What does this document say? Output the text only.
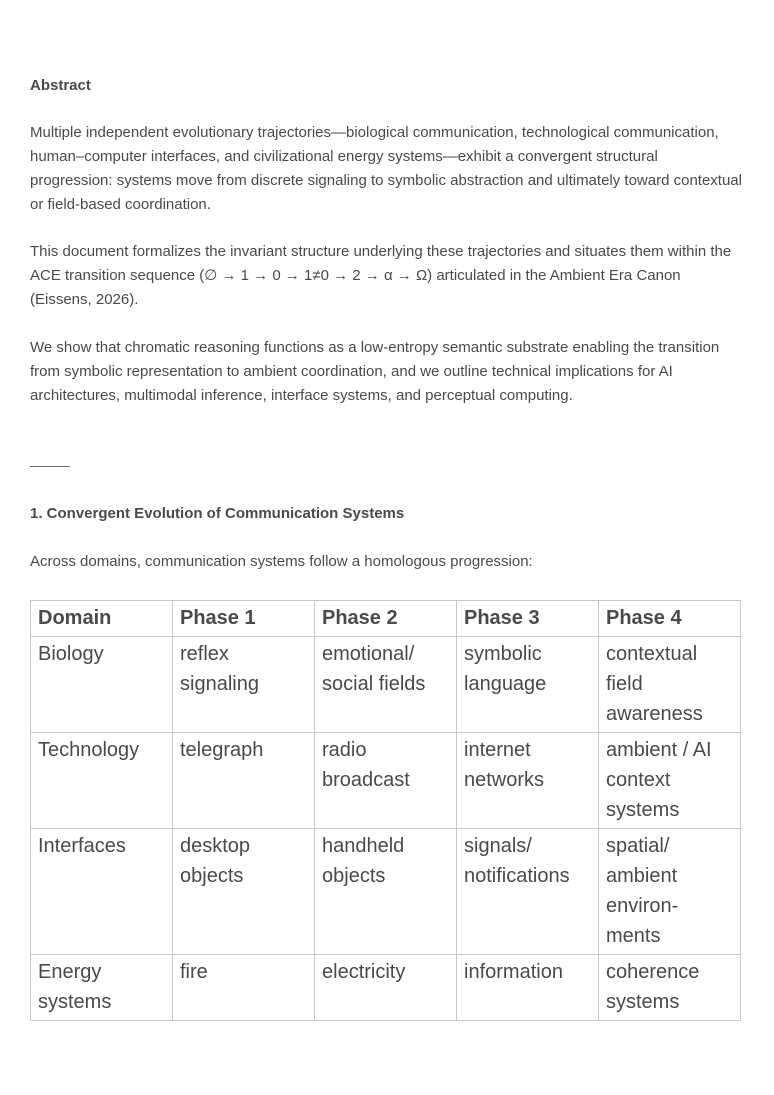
Abstract

Multiple independent evolutionary trajectories—biological communication, technological communication, human–computer interfaces, and civilizational energy systems—exhibit a convergent structural progression: systems move from discrete signaling to symbolic abstraction and ultimately toward contextual or field-based coordination.

This document formalizes the invariant structure underlying these trajectories and situates them within the ACE transition sequence (∅ → 1 → 0 → 1≠0 → 2 → α → Ω) articulated in the Ambient Era Canon (Eissens, 2026).

We show that chromatic reasoning functions as a low-entropy semantic substrate enabling the transition from symbolic representation to ambient coordination, and we outline technical implications for AI architectures, multimodal inference, interface systems, and perceptual computing.

1. Convergent Evolution of Communication Systems

Across domains, communication systems follow a homologous progression:

Domain	Phase 1	Phase 2	Phase 3	Phase 4
Biology	reflex signaling	emotional/ social fields	symbolic language	contextual field awareness
Technology	telegraph	radio broadcast	internet networks	ambient / AI context systems
Interfaces	desktop objects	handheld objects	signals/ notifications	spatial/ ambient environ- ments
Energy systems	fire	electricity	information	coherence systems
